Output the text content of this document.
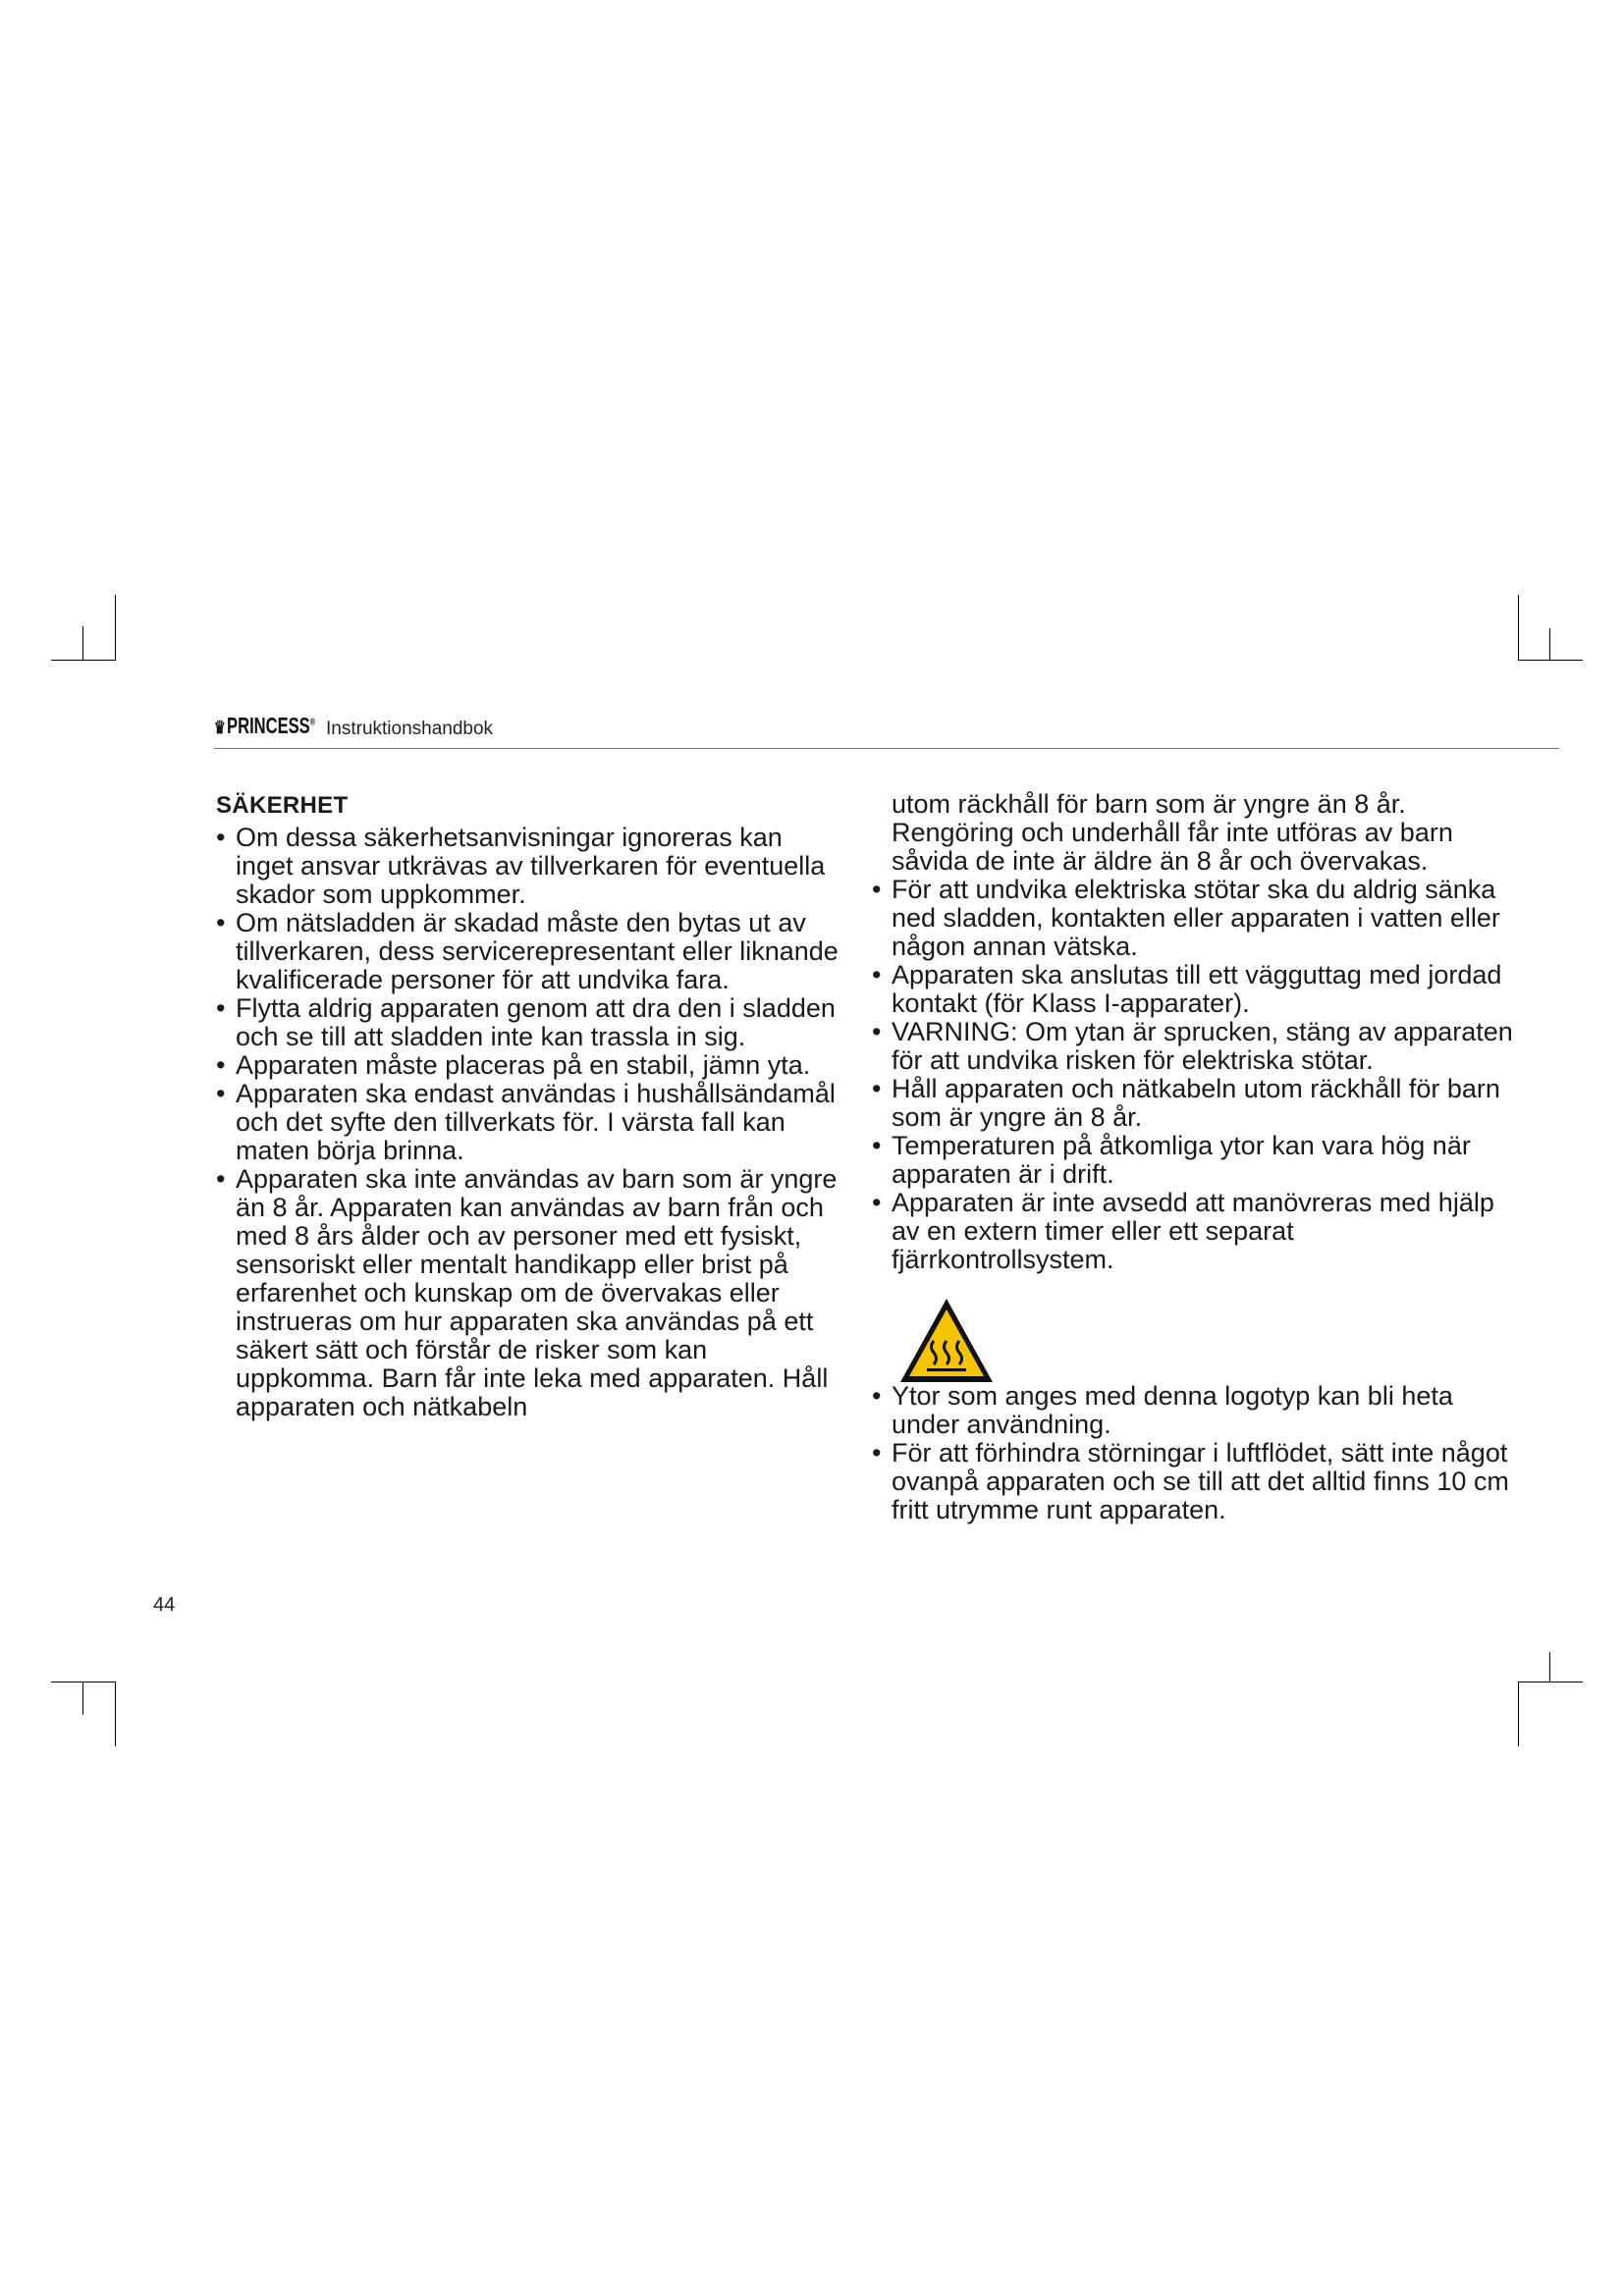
♛PRINCESS® Instruktionshandbok
SÄKERHET
• Om dessa säkerhetsanvisningar ignoreras kan inget ansvar utkrävas av tillverkaren för eventuella skador som uppkommer.
• Om nätsladden är skadad måste den bytas ut av tillverkaren, dess servicerepresentant eller liknande kvalificerade personer för att undvika fara.
• Flytta aldrig apparaten genom att dra den i sladden och se till att sladden inte kan trassla in sig.
• Apparaten måste placeras på en stabil, jämn yta.
• Apparaten ska endast användas i hushållsändamål och det syfte den tillverkats för. I värsta fall kan maten börja brinna.
• Apparaten ska inte användas av barn som är yngre än 8 år. Apparaten kan användas av barn från och med 8 års ålder och av personer med ett fysiskt, sensoriskt eller mentalt handikapp eller brist på erfarenhet och kunskap om de övervakas eller instrueras om hur apparaten ska användas på ett säkert sätt och förstår de risker som kan uppkomma. Barn får inte leka med apparaten. Håll apparaten och nätkabeln
utom räckhåll för barn som är yngre än 8 år. Rengöring och underhåll får inte utföras av barn såvida de inte är äldre än 8 år och övervakas.
• För att undvika elektriska stötar ska du aldrig sänka ned sladden, kontakten eller apparaten i vatten eller någon annan vätska.
• Apparaten ska anslutas till ett vägguttag med jordad kontakt (för Klass I-apparater).
• VARNING: Om ytan är sprucken, stäng av apparaten för att undvika risken för elektriska stötar.
• Håll apparaten och nätkabeln utom räckhåll för barn som är yngre än 8 år.
• Temperaturen på åtkomliga ytor kan vara hög när apparaten är i drift.
• Apparaten är inte avsedd att manövreras med hjälp av en extern timer eller ett separat fjärrkontrollsystem.
• Ytor som anges med denna logotyp kan bli heta under användning.
• För att förhindra störningar i luftflödet, sätt inte något ovanpå apparaten och se till att det alltid finns 10 cm fritt utrymme runt apparaten.
44
